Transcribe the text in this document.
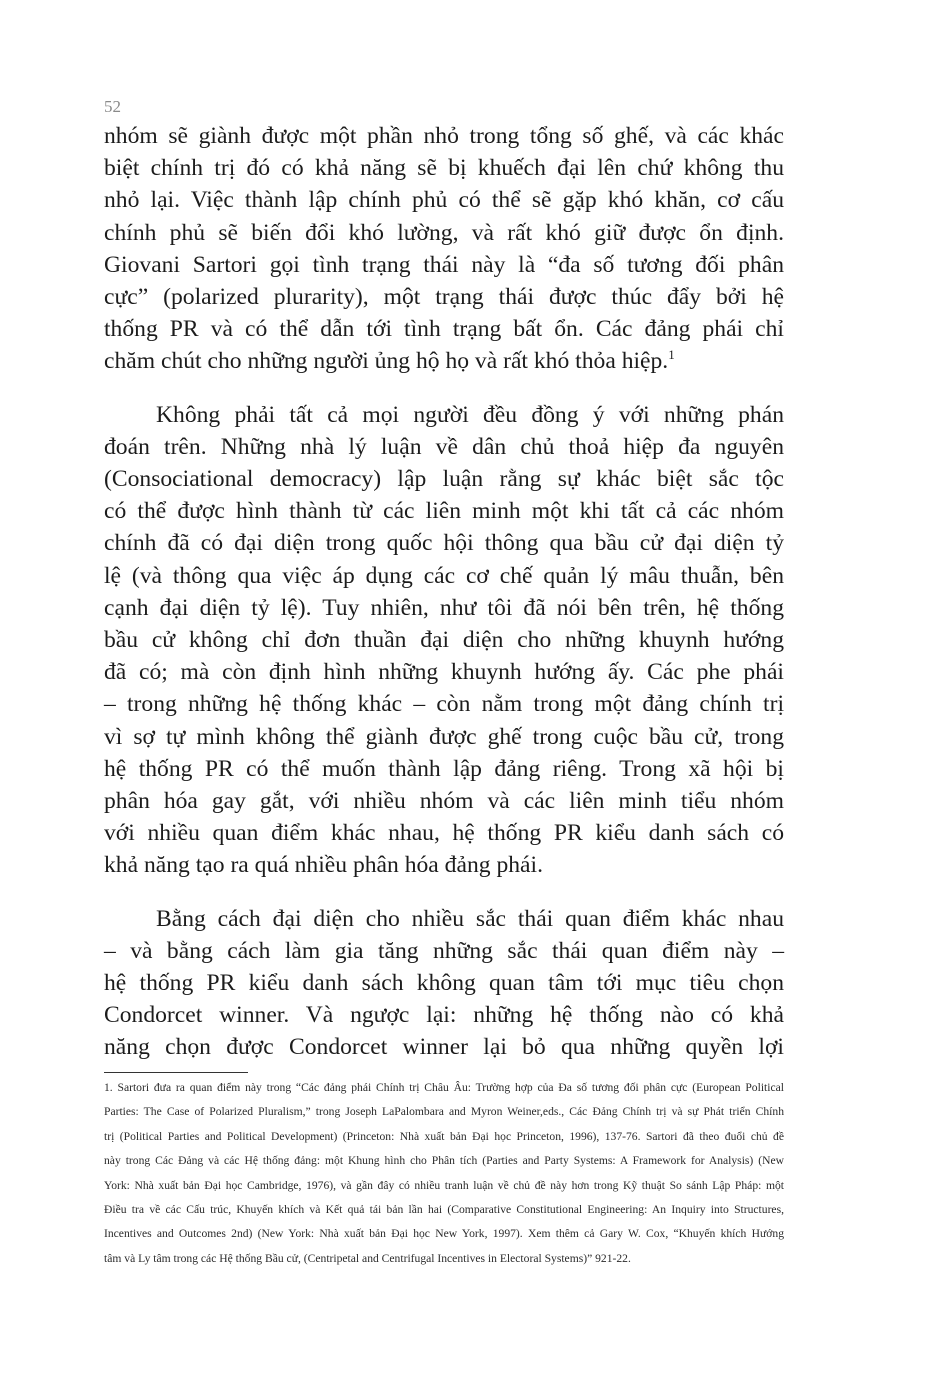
52

nhóm sẽ giành được một phần nhỏ trong tổng số ghế, và các khác
biệt chính trị đó có khả năng sẽ bị khuếch đại lên chứ không thu
nhỏ lại. Việc thành lập chính phủ có thể sẽ gặp khó khăn, cơ cấu
chính phủ sẽ biến đổi khó lường, và rất khó giữ được ổn định.
Giovani Sartori gọi tình trạng thái này là “đa số tương đối phân
cực” (polarized plurarity), một trạng thái được thúc đẩy bởi hệ
thống PR và có thể dẫn tới tình trạng bất ổn. Các đảng phái chỉ
chăm chút cho những người ủng hộ họ và rất khó thỏa hiệp.$^1$

Không phải tất cả mọi người đều đồng ý với những phán
đoán trên. Những nhà lý luận về dân chủ thoả hiệp đa nguyên
(Consociational democracy) lập luận rằng sự khác biệt sắc tộc
có thể được hình thành từ các liên minh một khi tất cả các nhóm
chính đã có đại diện trong quốc hội thông qua bầu cử đại diện tỷ
lệ (và thông qua việc áp dụng các cơ chế quản lý mâu thuẫn, bên
cạnh đại diện tỷ lệ). Tuy nhiên, như tôi đã nói bên trên, hệ thống
bầu cử không chỉ đơn thuần đại diện cho những khuynh hướng
đã có; mà còn định hình những khuynh hướng ấy. Các phe phái
– trong những hệ thống khác – còn nằm trong một đảng chính trị
vì sợ tự mình không thể giành được ghế trong cuộc bầu cử, trong
hệ thống PR có thể muốn thành lập đảng riêng. Trong xã hội bị
phân hóa gay gắt, với nhiều nhóm và các liên minh tiểu nhóm
với nhiều quan điểm khác nhau, hệ thống PR kiểu danh sách có
khả năng tạo ra quá nhiều phân hóa đảng phái.

Bằng cách đại diện cho nhiều sắc thái quan điểm khác nhau
– và bằng cách làm gia tăng những sắc thái quan điểm này –
hệ thống PR kiểu danh sách không quan tâm tới mục tiêu chọn
Condorcet winner. Và ngược lại: những hệ thống nào có khả
năng chọn được Condorcet winner lại bỏ qua những quyền lợi

1. Sartori đưa ra quan điểm này trong “Các đảng phái Chính trị Châu Âu: Trường hợp của Đa số tương đối phân cực (European Political
Parties: The Case of Polarized Pluralism,” trong Joseph LaPalombara and Myron Weiner,eds., Các Đảng Chính trị và sự Phát triển Chính
trị (Political Parties and Political Development) (Princeton: Nhà xuất bản Đại học Princeton, 1996), 137-76. Sartori đã theo đuổi chủ đề
này trong Các Đảng và các Hệ thống đảng: một Khung hình cho Phân tích (Parties and Party Systems: A Framework for Analysis) (New
York: Nhà xuất bản Đại học Cambridge, 1976), và gần đây có nhiều tranh luận về chủ đề này hơn trong Kỹ thuật So sánh Lập Pháp: một
Điều tra về các Cấu trúc, Khuyến khích và Kết quả tái bản lần hai (Comparative Constitutional Engineering: An Inquiry into Structures,
Incentives and Outcomes 2nd) (New York: Nhà xuất bản Đại học New York, 1997). Xem thêm cả Gary W. Cox, “Khuyến khích Hướng
tâm và Ly tâm trong các Hệ thống Bầu cử, (Centripetal and Centrifugal Incentives in Electoral Systems)” 921-22.
